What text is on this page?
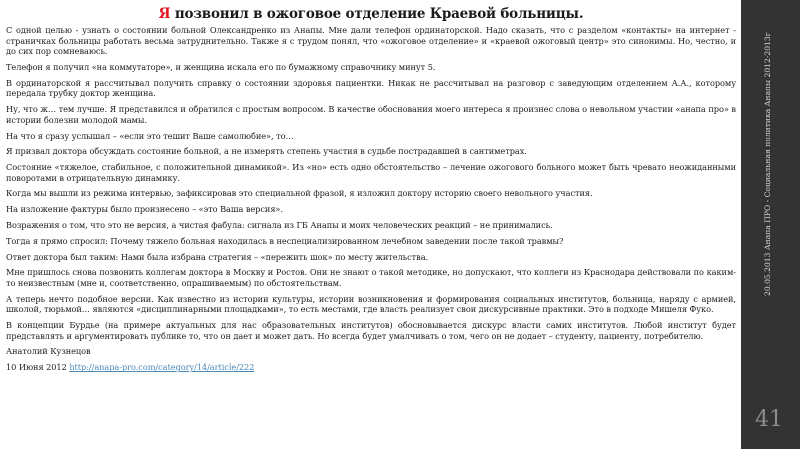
Я позвонил в ожоговое отделение Краевой больницы.

С одной целью - узнать о состоянии больной Олександренко из Анапы. Мне дали телефон ординаторской. Надо сказать, что с разделом «контакты» на интернет - страничках больницы работать весьма затруднительно. Также я с трудом понял, что «ожоговое отделение» и «краевой ожоговый центр» это синонимы. Но, честно, и до сих пор сомневаюсь.

Телефон я получил «на коммутаторе», и женщина искала его по бумажному справочнику минут 5.

В ординаторской я рассчитывал получить справку о состоянии здоровья пациентки. Никак не рассчитывал на разговор с заведующим отделением А.А., которому передала трубку доктор женщина.

Ну, что ж… тем лучше. Я представился и обратился с простым вопросом. В качестве обоснования моего интереса я произнес слова о невольном участии «анапа про» в истории болезни молодой мамы.

На что я сразу услышал – «если это тешит Ваше самолюбие», то…

Я призвал доктора обсуждать состояние больной, а не измерять степень участия в судьбе пострадавшей в сантиметрах.

Состояние «тяжелое, стабильное, с положительной динамикой». Из «но» есть одно обстоятельство – лечение ожогового больного может быть чревато неожиданными поворотами в отрицательную динамику.

Когда мы вышли из режима интервью, зафиксировав это специальной фразой, я изложил доктору историю своего невольного участия.

На изложение фактуры было произнесено – «это Ваша версия».

Возражения о том, что это не версия, а чистая фабула: сигнала из ГБ Анапы и моих человеческих реакций – не принимались.

Тогда я прямо спросил: Почему тяжело больная находилась в неспециализированном лечебном заведении после такой травмы?

Ответ доктора был таким: Нами была избрана стратегия – «пережить шок» по месту жительства.

Мне пришлось снова позвонить коллегам доктора в Москву и Ростов. Они не знают о такой методике, но допускают, что коллеги из Краснодара действовали по каким-то неизвестным (мне и, соответственно, опрашиваемым) по обстоятельствам.

А теперь нечто подобное версии. Как известно из истории культуры, истории возникновения и формирования социальных институтов, больница, наряду с армией, школой, тюрьмой… являются «дисциплинарными площадками», то есть местами, где власть реализует свои дискурсивные практики. Это в подходе Мишеля Фуко.

В концепции Бурдье (на примере актуальных для нас образовательных институтов) обосновывается дискурс власти самих институтов. Любой институт будет представлять и аргументировать публике то, что он дает и может дать. Но всегда будет умалчивать о том, чего он не додает – студенту, пациенту, потребителю.

Анатолий Кузнецов

10 Июня 2012 http://anapa-pro.com/category/14/article/222

20.05.2013 Анапа ПРО - Социальная политика Анапы 2012-2013г
41
